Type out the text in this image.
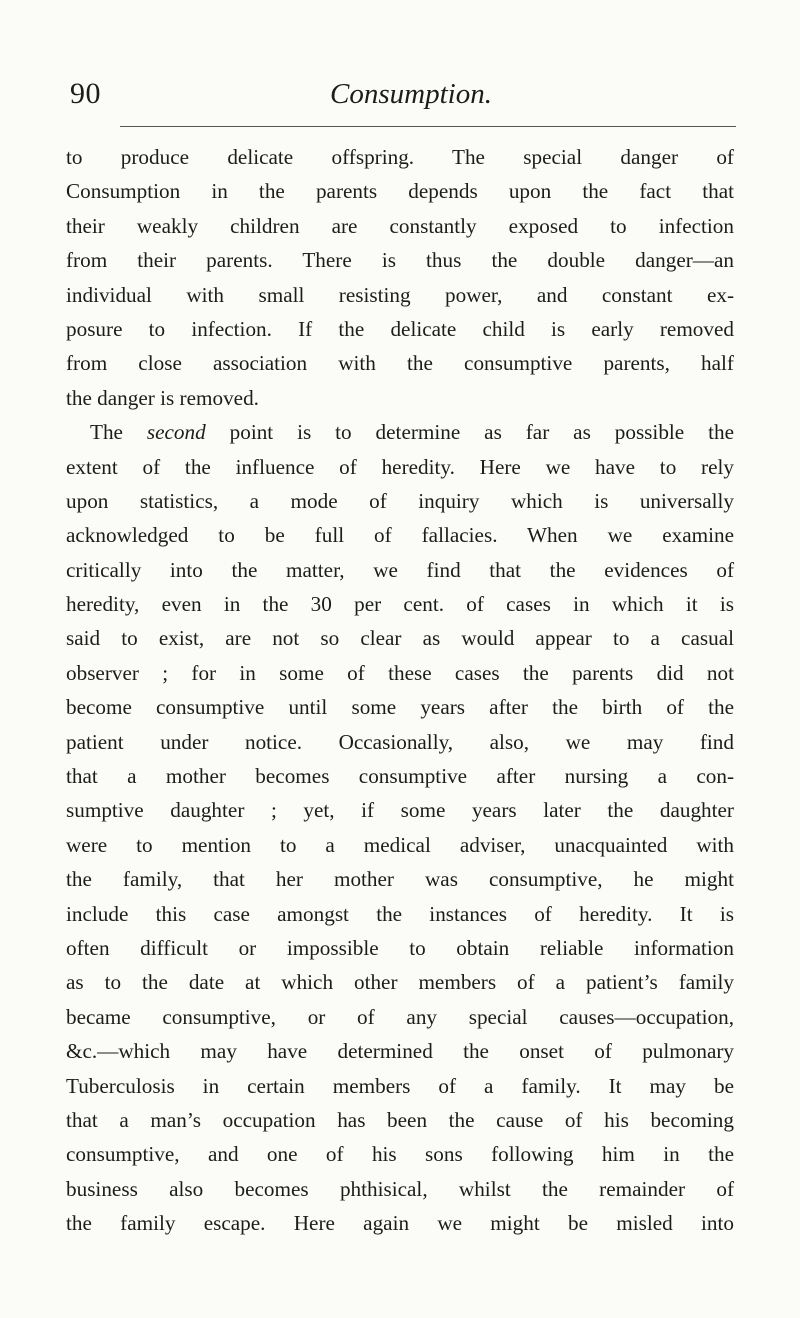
90	Consumption.
to produce delicate offspring. The special danger of
Consumption in the parents depends upon the fact that
their weakly children are constantly exposed to infection
from their parents. There is thus the double danger—an
individual with small resisting power, and constant ex-
posure to infection. If the delicate child is early removed
from close association with the consumptive parents, half
the danger is removed.
The second point is to determine as far as possible the
extent of the influence of heredity. Here we have to rely
upon statistics, a mode of inquiry which is universally
acknowledged to be full of fallacies. When we examine
critically into the matter, we find that the evidences of
heredity, even in the 30 per cent. of cases in which it is
said to exist, are not so clear as would appear to a casual
observer ; for in some of these cases the parents did not
become consumptive until some years after the birth of the
patient under notice. Occasionally, also, we may find
that a mother becomes consumptive after nursing a con-
sumptive daughter ; yet, if some years later the daughter
were to mention to a medical adviser, unacquainted with
the family, that her mother was consumptive, he might
include this case amongst the instances of heredity. It is
often difficult or impossible to obtain reliable information
as to the date at which other members of a patient’s family
became consumptive, or of any special causes—occupation,
&c.—which may have determined the onset of pulmonary
Tuberculosis in certain members of a family. It may be
that a man’s occupation has been the cause of his becoming
consumptive, and one of his sons following him in the
business also becomes phthisical, whilst the remainder of
the family escape. Here again we might be misled into
